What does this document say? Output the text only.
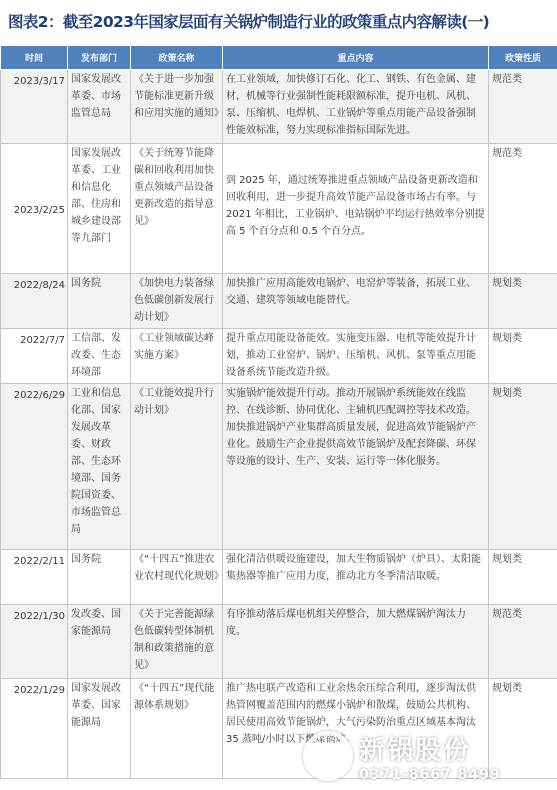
图表2：截至2023年国家层面有关锅炉制造行业的政策重点内容解读(一)
时间	发布部门	政策名称	重点内容	政策性质
2023/3/17	国家发展改革委、市场监管总局	《关于进一步加强节能标准更新升级和应用实施的通知》	在工业领域，加快修订石化、化工、钢铁、有色金属、建材，机械等行业强制性能耗限额标准，提升电机、风机、泵、压缩机、电焊机、工业锅炉等重点用能产品设备强制性能效标准，努力实现标准指标国际先进。	规范类
2023/2/25	国家发展改革委、工业和信息化部、住房和城乡建设部等九部门	《关于统筹节能降碳和回收利用加快重点领域产品设备更新改造的指导意见》	到 2025 年，通过统筹推进重点领域产品设备更新改造和回收利用，进一步提升高效节能产品设备市场占有率。与 2021 年相比，工业锅炉、电站锅炉平均运行热效率分别提高 5 个百分点和 0.5 个百分点。	规范类
2022/8/24	国务院	《加快电力装备绿色低碳创新发展行动计划》	加快推广应用高能效电锅炉、电窑炉等装备，拓展工业、交通、建筑等领域电能替代。	规划类
2022/7/7	工信部、发改委、生态环境部	《工业领域碳达峰实施方案》	提升重点用能设备能效。实施变压器、电机等能效提升计划，推动工业窑炉、锅炉、压缩机、风机、泵等重点用能设备系统节能改造升级。	规划类
2022/6/29	工业和信息化部、国家发展改革委、财政部、生态环境部、国务院国资委、市场监管总局	《工业能效提升行动计划》	实施锅炉能效提升行动。推动开展锅炉系统能效在线监控、在线诊断、协同优化、主辅机匹配调控等技术改造。加快推进锅炉产业集群高质量发展，促进高效节能锅炉产业化。鼓励生产企业提供高效节能锅炉及配套降碳、环保等设施的设计、生产、安装、运行等一体化服务。	规划类
2022/2/11	国务院	《“十四五”推进农业农村现代化规划》	强化清洁供暖设施建设，加大生物质锅炉（炉具）、太阳能集热器等推广应用力度，推动北方冬季清洁取暖。	规划类
2022/1/30	发改委、国家能源局	《关于完善能源绿色低碳转型体制机制和政策措施的意见》	有序推动落后煤电机组关停整合，加大燃煤锅炉淘汰力度。	规范类
2022/1/29	国家发展改革委、国家能源局	《“十四五”现代能源体系规划》	推广热电联产改造和工业余热余压综合利用，逐步淘汰供热管网覆盖范围内的燃煤小锅炉和散煤，鼓励公共机构、居民使用高效节能锅炉，大气污染防治重点区域基本淘汰 35 蒸吨/小时以下燃煤锅炉。	规划类
新锅股份
0371-8667 8499
